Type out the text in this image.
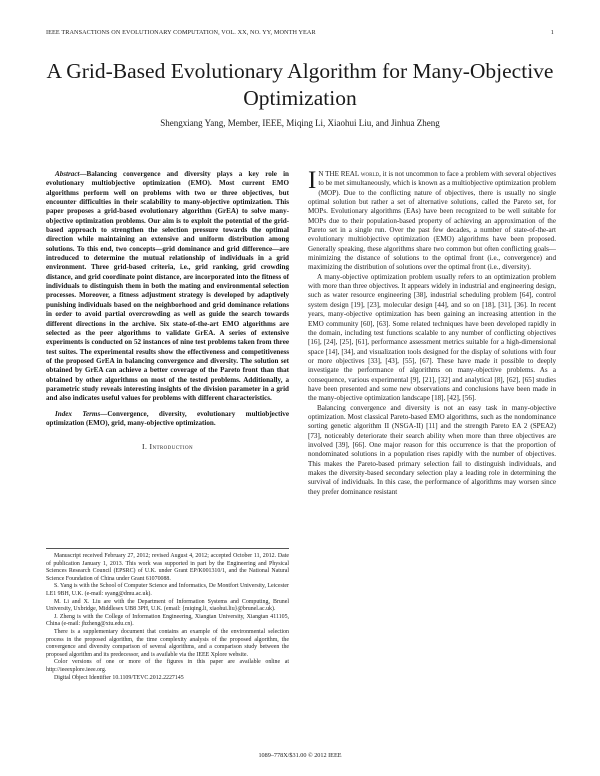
IEEE TRANSACTIONS ON EVOLUTIONARY COMPUTATION, VOL. XX, NO. YY, MONTH YEAR	1
A Grid-Based Evolutionary Algorithm for Many-Objective Optimization
Shengxiang Yang, Member, IEEE, Miqing Li, Xiaohui Liu, and Jinhua Zheng

Abstract—Balancing convergence and diversity plays a key role in evolutionary multiobjective optimization (EMO). Most current EMO algorithms perform well on problems with two or three objectives, but encounter difficulties in their scalability to many-objective optimization. This paper proposes a grid-based evolutionary algorithm (GrEA) to solve many-objective optimization problems. Our aim is to exploit the potential of the grid-based approach to strengthen the selection pressure towards the optimal direction while maintaining an extensive and uniform distribution among solutions. To this end, two concepts—grid dominance and grid difference—are introduced to determine the mutual relationship of individuals in a grid environment. Three grid-based criteria, i.e., grid ranking, grid crowding distance, and grid coordinate point distance, are incorporated into the fitness of individuals to distinguish them in both the mating and environmental selection processes. Moreover, a fitness adjustment strategy is developed by adaptively punishing individuals based on the neighborhood and grid dominance relations in order to avoid partial overcrowding as well as guide the search towards different directions in the archive. Six state-of-the-art EMO algorithms are selected as the peer algorithms to validate GrEA. A series of extensive experiments is conducted on 52 instances of nine test problems taken from three test suites. The experimental results show the effectiveness and competitiveness of the proposed GrEA in balancing convergence and diversity. The solution set obtained by GrEA can achieve a better coverage of the Pareto front than that obtained by other algorithms on most of the tested problems. Additionally, a parametric study reveals interesting insights of the division parameter in a grid and also indicates useful values for problems with different characteristics.

Index Terms—Convergence, diversity, evolutionary multiobjective optimization (EMO), grid, many-objective optimization.

I. Introduction

Manuscript received February 27, 2012; revised August 4, 2012; accepted October 11, 2012. Date of publication January 1, 2013. This work was supported in part by the Engineering and Physical Sciences Research Council (EPSRC) of U.K. under Grant EP/K001310/1, and the National Natural Science Foundation of China under Grant 61070088.

S. Yang is with the School of Computer Science and Informatics, De Montfort University, Leicester LE1 9BH, U.K. (e-mail: syang@dmu.ac.uk).

M. Li and X. Liu are with the Department of Information Systems and Computing, Brunel University, Uxbridge, Middlesex UB8 3PH, U.K. (email: {miqing.li, xiaohui.liu}@brunel.ac.uk).

J. Zheng is with the College of Information Engineering, Xiangtan University, Xiangtan 411105, China (e-mail: jhzheng@xtu.edu.cn).

There is a supplementary document that contains an example of the environmental selection process in the proposed algorithm, the time complexity analysis of the proposed algorithm, the convergence and diversity comparison of several algorithms, and a comparison study between the proposed algorithm and its predecessor, and is available via the IEEE Xplore website.

Color versions of one or more of the figures in this paper are available online at http://ieeexplore.ieee.org.

Digital Object Identifier 10.1109/TEVC.2012.2227145

I N THE REAL world, it is not uncommon to face a problem with several objectives to be met simultaneously, which is known as a multiobjective optimization problem (MOP). Due to the conflicting nature of objectives, there is usually no single optimal solution but rather a set of alternative solutions, called the Pareto set, for MOPs. Evolutionary algorithms (EAs) have been recognized to be well suitable for MOPs due to their population-based property of achieving an approximation of the Pareto set in a single run. Over the past few decades, a number of state-of-the-art evolutionary multiobjective optimization (EMO) algorithms have been proposed. Generally speaking, these algorithms share two common but often conflicting goals—minimizing the distance of solutions to the optimal front (i.e., convergence) and maximizing the distribution of solutions over the optimal front (i.e., diversity).

A many-objective optimization problem usually refers to an optimization problem with more than three objectives. It appears widely in industrial and engineering design, such as water resource engineering [38], industrial scheduling problem [64], control system design [19], [23], molecular design [44], and so on [18], [31], [36]. In recent years, many-objective optimization has been gaining an increasing attention in the EMO community [60], [63]. Some related techniques have been developed rapidly in the domain, including test functions scalable to any number of conflicting objectives [16], [24], [25], [61], performance assessment metrics suitable for a high-dimensional space [14], [34], and visualization tools designed for the display of solutions with four or more objectives [33], [43], [55], [67]. These have made it possible to deeply investigate the performance of algorithms on many-objective problems. As a consequence, various experimental [9], [21], [32] and analytical [8], [62], [65] studies have been presented and some new observations and conclusions have been made in the many-objective optimization landscape [18], [42], [56].

Balancing convergence and diversity is not an easy task in many-objective optimization. Most classical Pareto-based EMO algorithms, such as the nondominance sorting genetic algorithm II (NSGA-II) [11] and the strength Pareto EA 2 (SPEA2) [73], noticeably deteriorate their search ability when more than three objectives are involved [39], [66]. One major reason for this occurrence is that the proportion of nondominated solutions in a population rises rapidly with the number of objectives. This makes the Pareto-based primary selection fail to distinguish individuals, and makes the diversity-based secondary selection play a leading role in determining the survival of individuals. In this case, the performance of algorithms may worsen since they prefer dominance resistant

1089–778X/$31.00 © 2012 IEEE
